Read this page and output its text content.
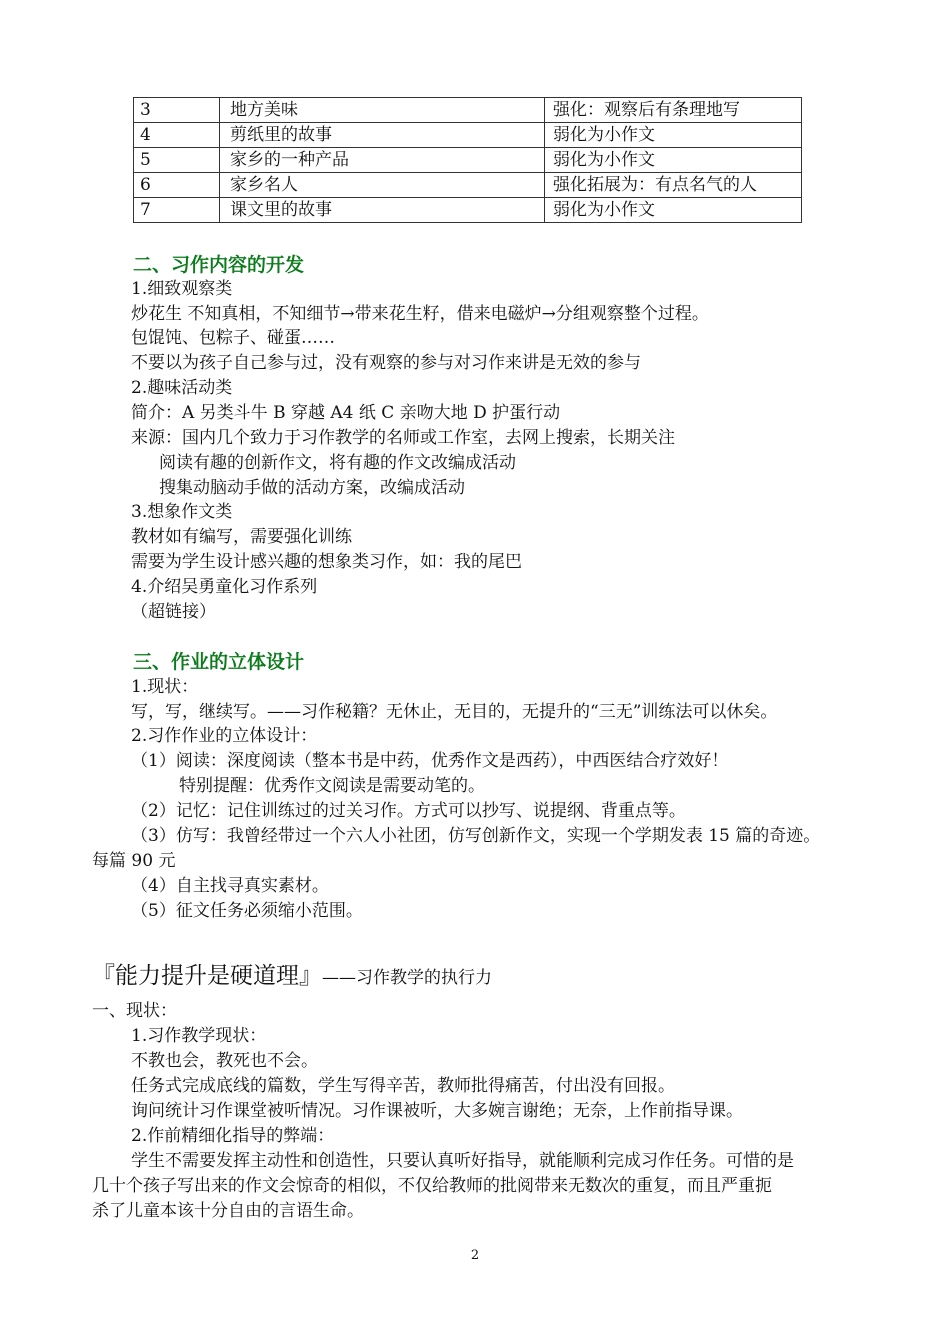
3	地方美味	强化：观察后有条理地写
4	剪纸里的故事	弱化为小作文
5	家乡的一种产品	弱化为小作文
6	家乡名人	强化拓展为：有点名气的人
7	课文里的故事	弱化为小作文
二、习作内容的开发
1.细致观察类
炒花生 不知真相，不知细节→带来花生籽，借来电磁炉→分组观察整个过程。
包馄饨、包粽子、碰蛋……
不要以为孩子自己参与过，没有观察的参与对习作来讲是无效的参与
2.趣味活动类
简介：A 另类斗牛 B 穿越 A4 纸 C 亲吻大地 D 护蛋行动
来源：国内几个致力于习作教学的名师或工作室，去网上搜索，长期关注
阅读有趣的创新作文，将有趣的作文改编成活动
搜集动脑动手做的活动方案，改编成活动
3.想象作文类
教材如有编写，需要强化训练
需要为学生设计感兴趣的想象类习作，如：我的尾巴
4.介绍吴勇童化习作系列
（超链接）
三、作业的立体设计
1.现状：
写，写，继续写。——习作秘籍？无休止，无目的，无提升的“三无”训练法可以休矣。
2.习作作业的立体设计：
（1）阅读：深度阅读（整本书是中药，优秀作文是西药），中西医结合疗效好！
特别提醒：优秀作文阅读是需要动笔的。
（2）记忆：记住训练过的过关习作。方式可以抄写、说提纲、背重点等。
（3）仿写：我曾经带过一个六人小社团，仿写创新作文，实现一个学期发表 15 篇的奇迹。
每篇 90 元
（4）自主找寻真实素材。
（5）征文任务必须缩小范围。
『能力提升是硬道理』——习作教学的执行力
一、现状：
1.习作教学现状：
不教也会，教死也不会。
任务式完成底线的篇数，学生写得辛苦，教师批得痛苦，付出没有回报。
询问统计习作课堂被听情况。习作课被听，大多婉言谢绝；无奈，上作前指导课。
2.作前精细化指导的弊端：
学生不需要发挥主动性和创造性，只要认真听好指导，就能顺利完成习作任务。可惜的是
几十个孩子写出来的作文会惊奇的相似，不仅给教师的批阅带来无数次的重复，而且严重扼
杀了儿童本该十分自由的言语生命。
2
